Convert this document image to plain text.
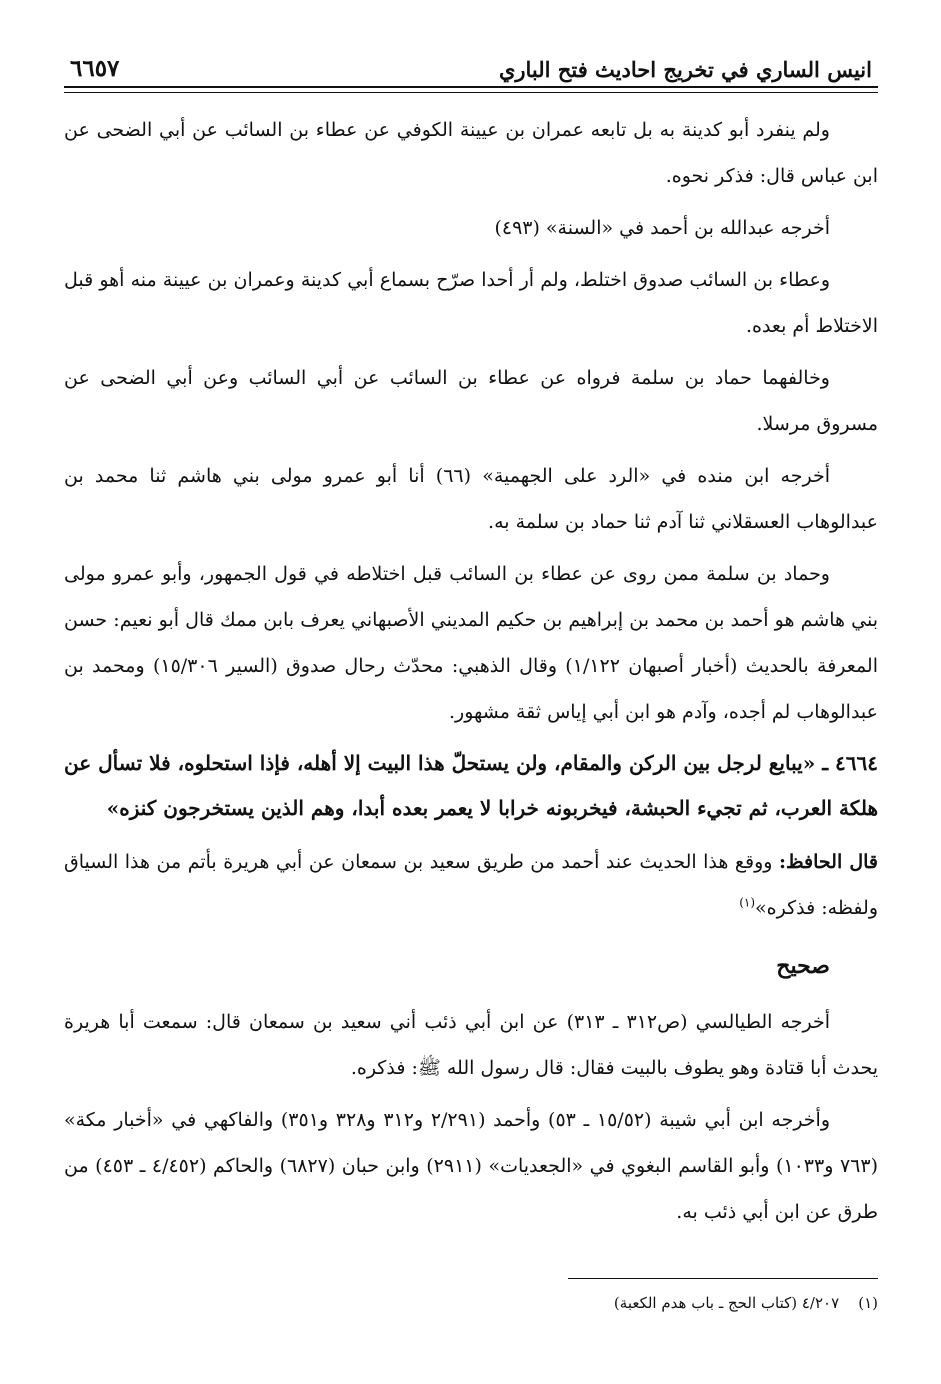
انيس الساري في تخريج احاديث فتح الباري
٦٦٥٧

ولم ينفرد أبو كدينة به بل تابعه عمران بن عيينة الكوفي عن عطاء بن السائب عن أبي الضحى عن ابن عباس قال: فذكر نحوه.

أخرجه عبدالله بن أحمد في «السنة» (٤٩٣)

وعطاء بن السائب صدوق اختلط، ولم أر أحدا صرّح بسماع أبي كدينة وعمران بن عيينة منه أهو قبل الاختلاط أم بعده.

وخالفهما حماد بن سلمة فرواه عن عطاء بن السائب عن أبي السائب وعن أبي الضحى عن مسروق مرسلا.

أخرجه ابن منده في «الرد على الجهمية» (٦٦) أنا أبو عمرو مولى بني هاشم ثنا محمد بن عبدالوهاب العسقلاني ثنا آدم ثنا حماد بن سلمة به.

وحماد بن سلمة ممن روى عن عطاء بن السائب قبل اختلاطه في قول الجمهور، وأبو عمرو مولى بني هاشم هو أحمد بن محمد بن إبراهيم بن حكيم المديني الأصبهاني يعرف بابن ممك قال أبو نعيم: حسن المعرفة بالحديث (أخبار أصبهان ١/١٢٢) وقال الذهبي: محدّث رحال صدوق (السير ١٥/٣٠٦) ومحمد بن عبدالوهاب لم أجده، وآدم هو ابن أبي إياس ثقة مشهور.

٤٦٦٤ ـ «يبايع لرجل بين الركن والمقام، ولن يستحلّ هذا البيت إلا أهله، فإذا استحلوه، فلا تسأل عن هلكة العرب، ثم تجيء الحبشة، فيخربونه خرابا لا يعمر بعده أبدا، وهم الذين يستخرجون كنزه»

قال الحافظ: ووقع هذا الحديث عند أحمد من طريق سعيد بن سمعان عن أبي هريرة بأتم من هذا السياق ولفظه: فذكره»$^{(١)}$

صحيح

أخرجه الطيالسي (ص٣١٢ ـ ٣١٣) عن ابن أبي ذئب أني سعيد بن سمعان قال: سمعت أبا هريرة يحدث أبا قتادة وهو يطوف بالبيت فقال: قال رسول الله ﷺ: فذكره.

وأخرجه ابن أبي شيبة (١٥/٥٢ ـ ٥٣) وأحمد (٢/٢٩١ و٣١٢ و٣٢٨ و٣٥١) والفاكهي في «أخبار مكة» (٧٦٣ و١٠٣٣) وأبو القاسم البغوي في «الجعديات» (٢٩١١) وابن حبان (٦٨٢٧) والحاكم (٤/٤٥٢ ـ ٤٥٣) من طرق عن ابن أبي ذئب به.

(١)    ٤/٢٠٧ (كتاب الحج ـ باب هدم الكعبة)
